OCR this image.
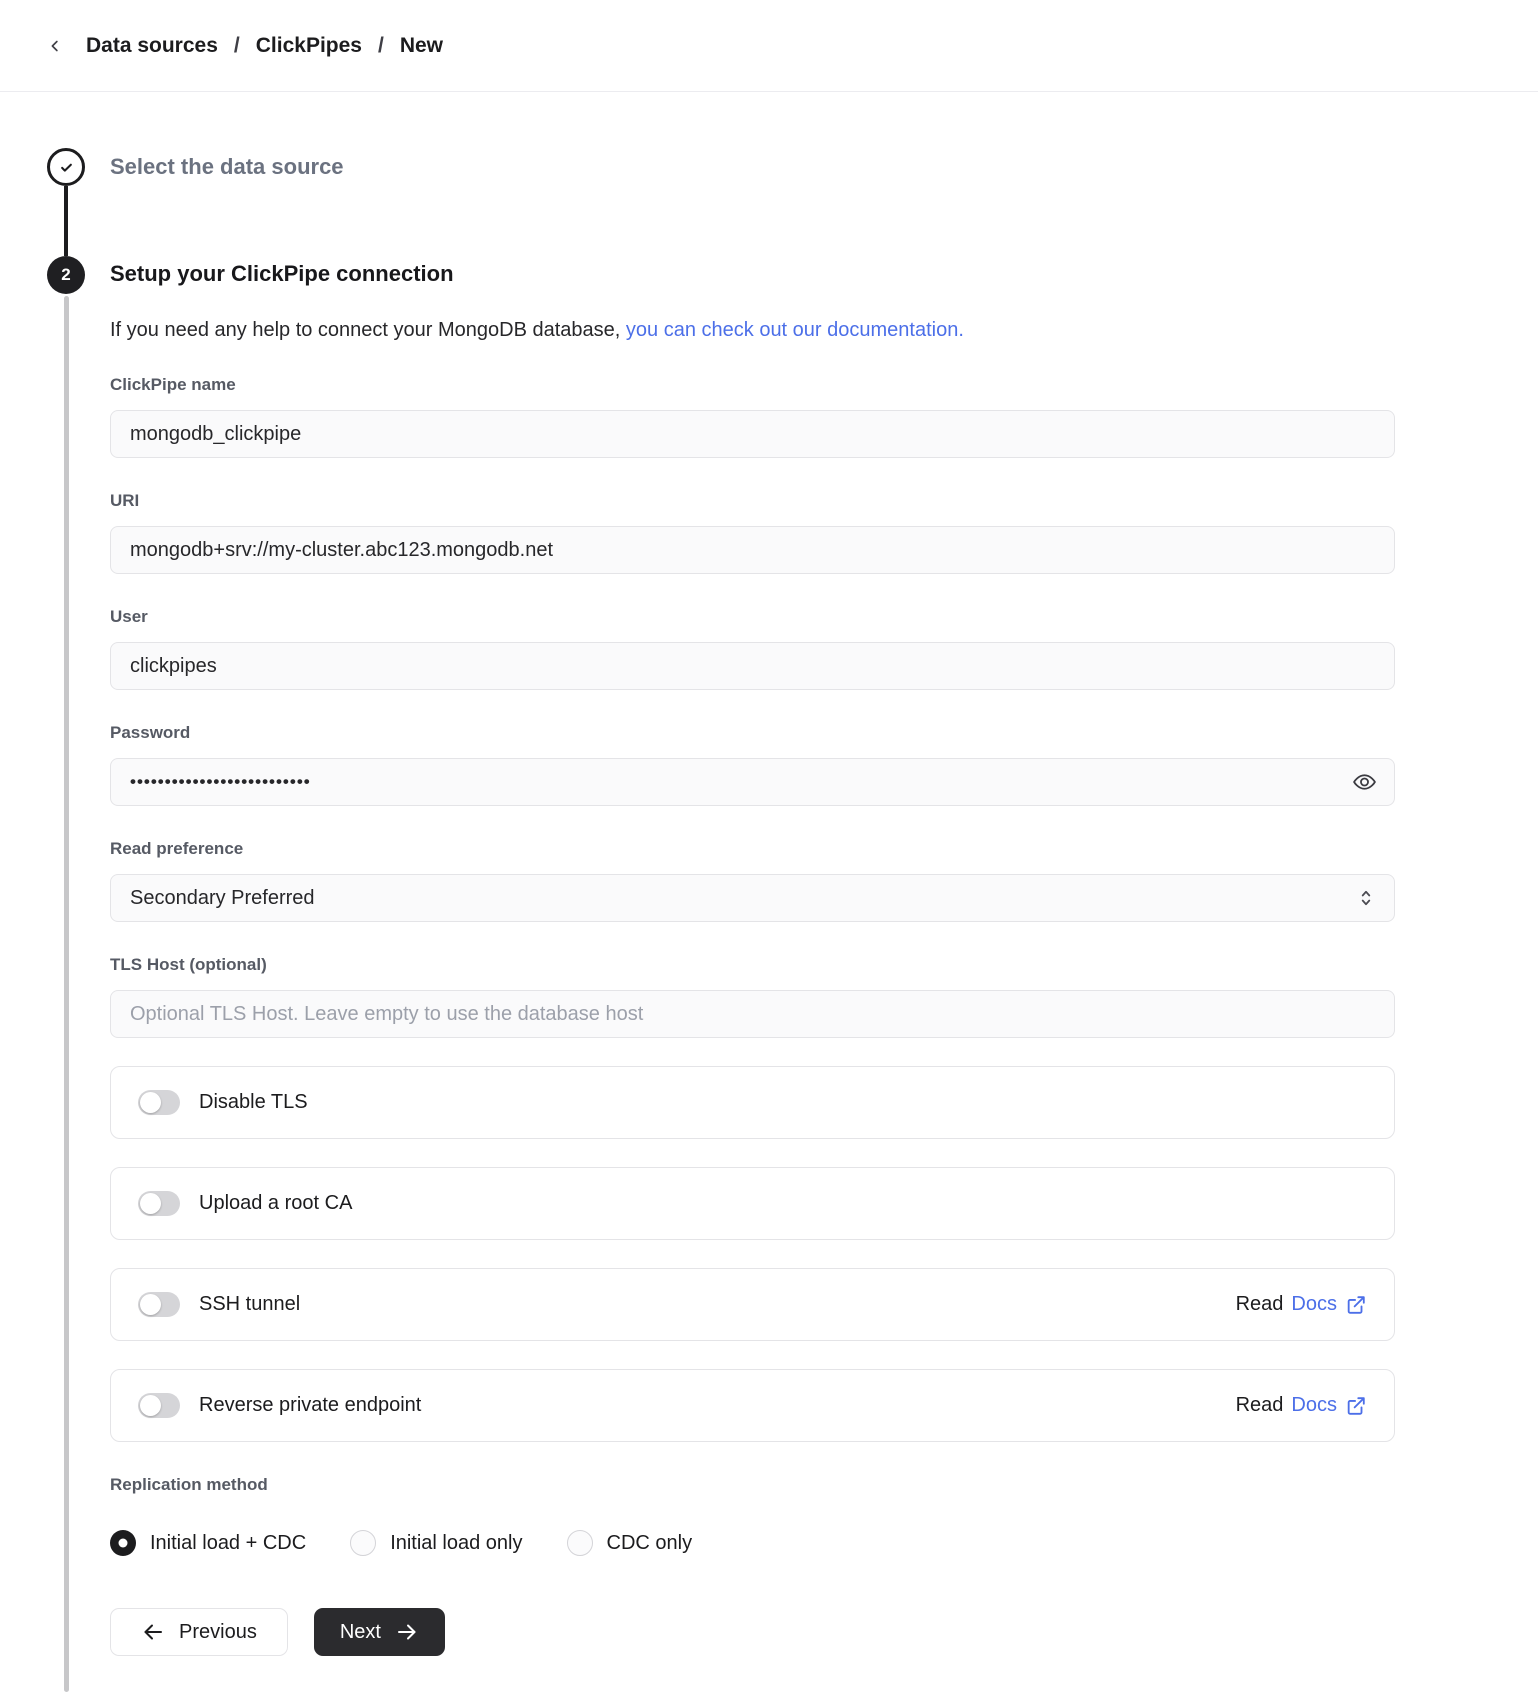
Data sources / ClickPipes / New
2
Select the data source
Setup your ClickPipe connection
If you need any help to connect your MongoDB database, you can check out our documentation.
ClickPipe name
mongodb_clickpipe
URI
mongodb+srv://my-cluster.abc123.mongodb.net
User
clickpipes
Password
••••••••••••••••••••••••••
Read preference
Secondary Preferred
TLS Host (optional)
Optional TLS Host. Leave empty to use the database host
Disable TLS
Upload a root CA
SSH tunnel	Read Docs
Reverse private endpoint	Read Docs
Replication method
Initial load + CDC	Initial load only	CDC only
Previous	Next
